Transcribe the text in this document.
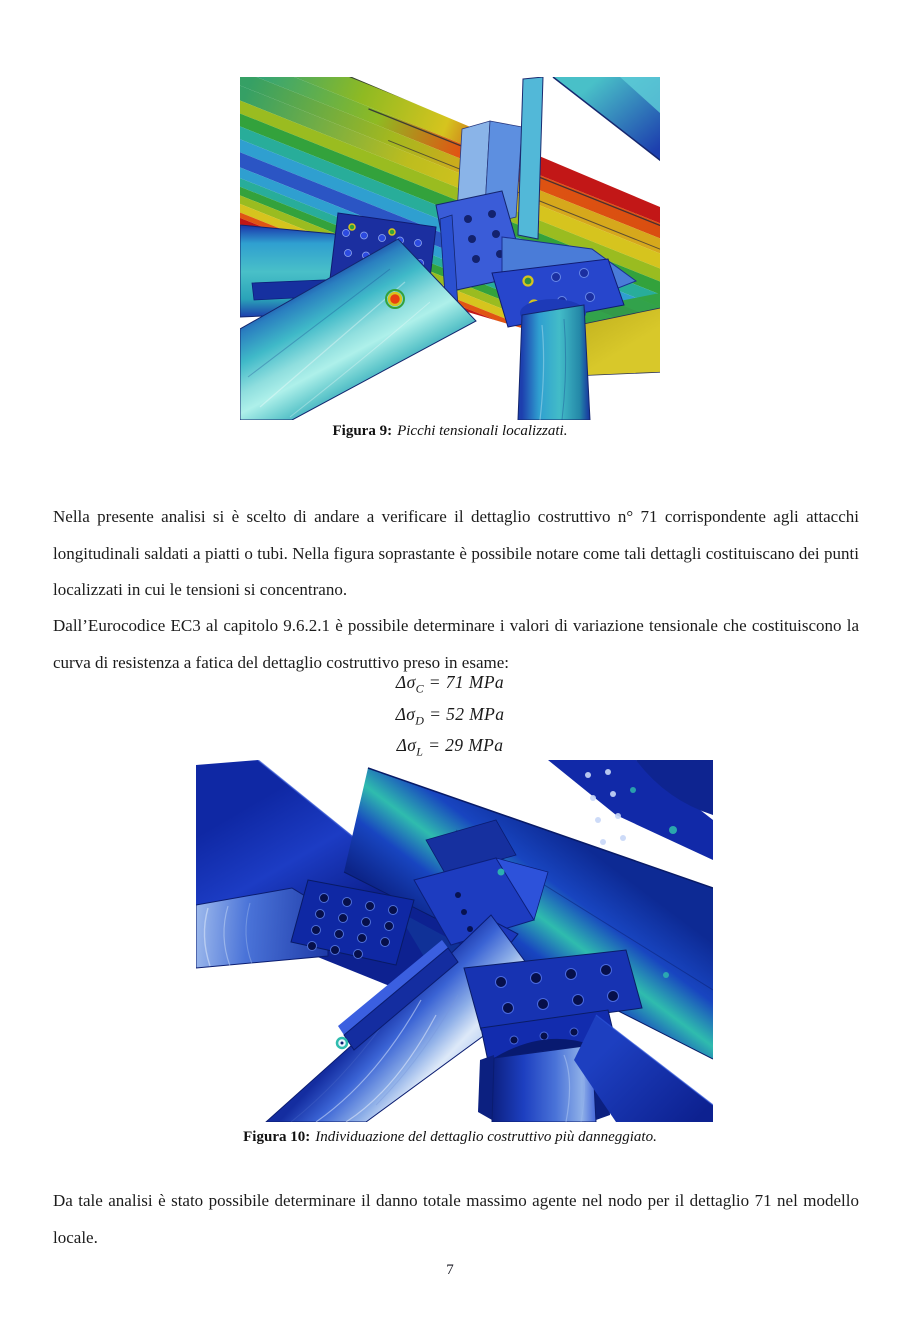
Figura 9: Picchi tensionali localizzati.

Nella presente analisi si è scelto di andare a verificare il dettaglio costruttivo n° 71 corrispondente agli attacchi longitudinali saldati a piatti o tubi. Nella figura soprastante è possibile notare come tali dettagli costituiscano dei punti localizzati in cui le tensioni si concentrano.

Dall’Eurocodice EC3 al capitolo 9.6.2.1 è possibile determinare i valori di variazione tensionale che costituiscono la curva di resistenza a fatica del dettaglio costruttivo preso in esame:

$\Delta\sigma_C = 71$ MPa
$\Delta\sigma_D = 52$ MPa
$\Delta\sigma_L = 29$ MPa
Figura 10: Individuazione del dettaglio costruttivo più danneggiato.

Da tale analisi è stato possibile determinare il danno totale massimo agente nel nodo per il dettaglio 71 nel modello locale.

7
